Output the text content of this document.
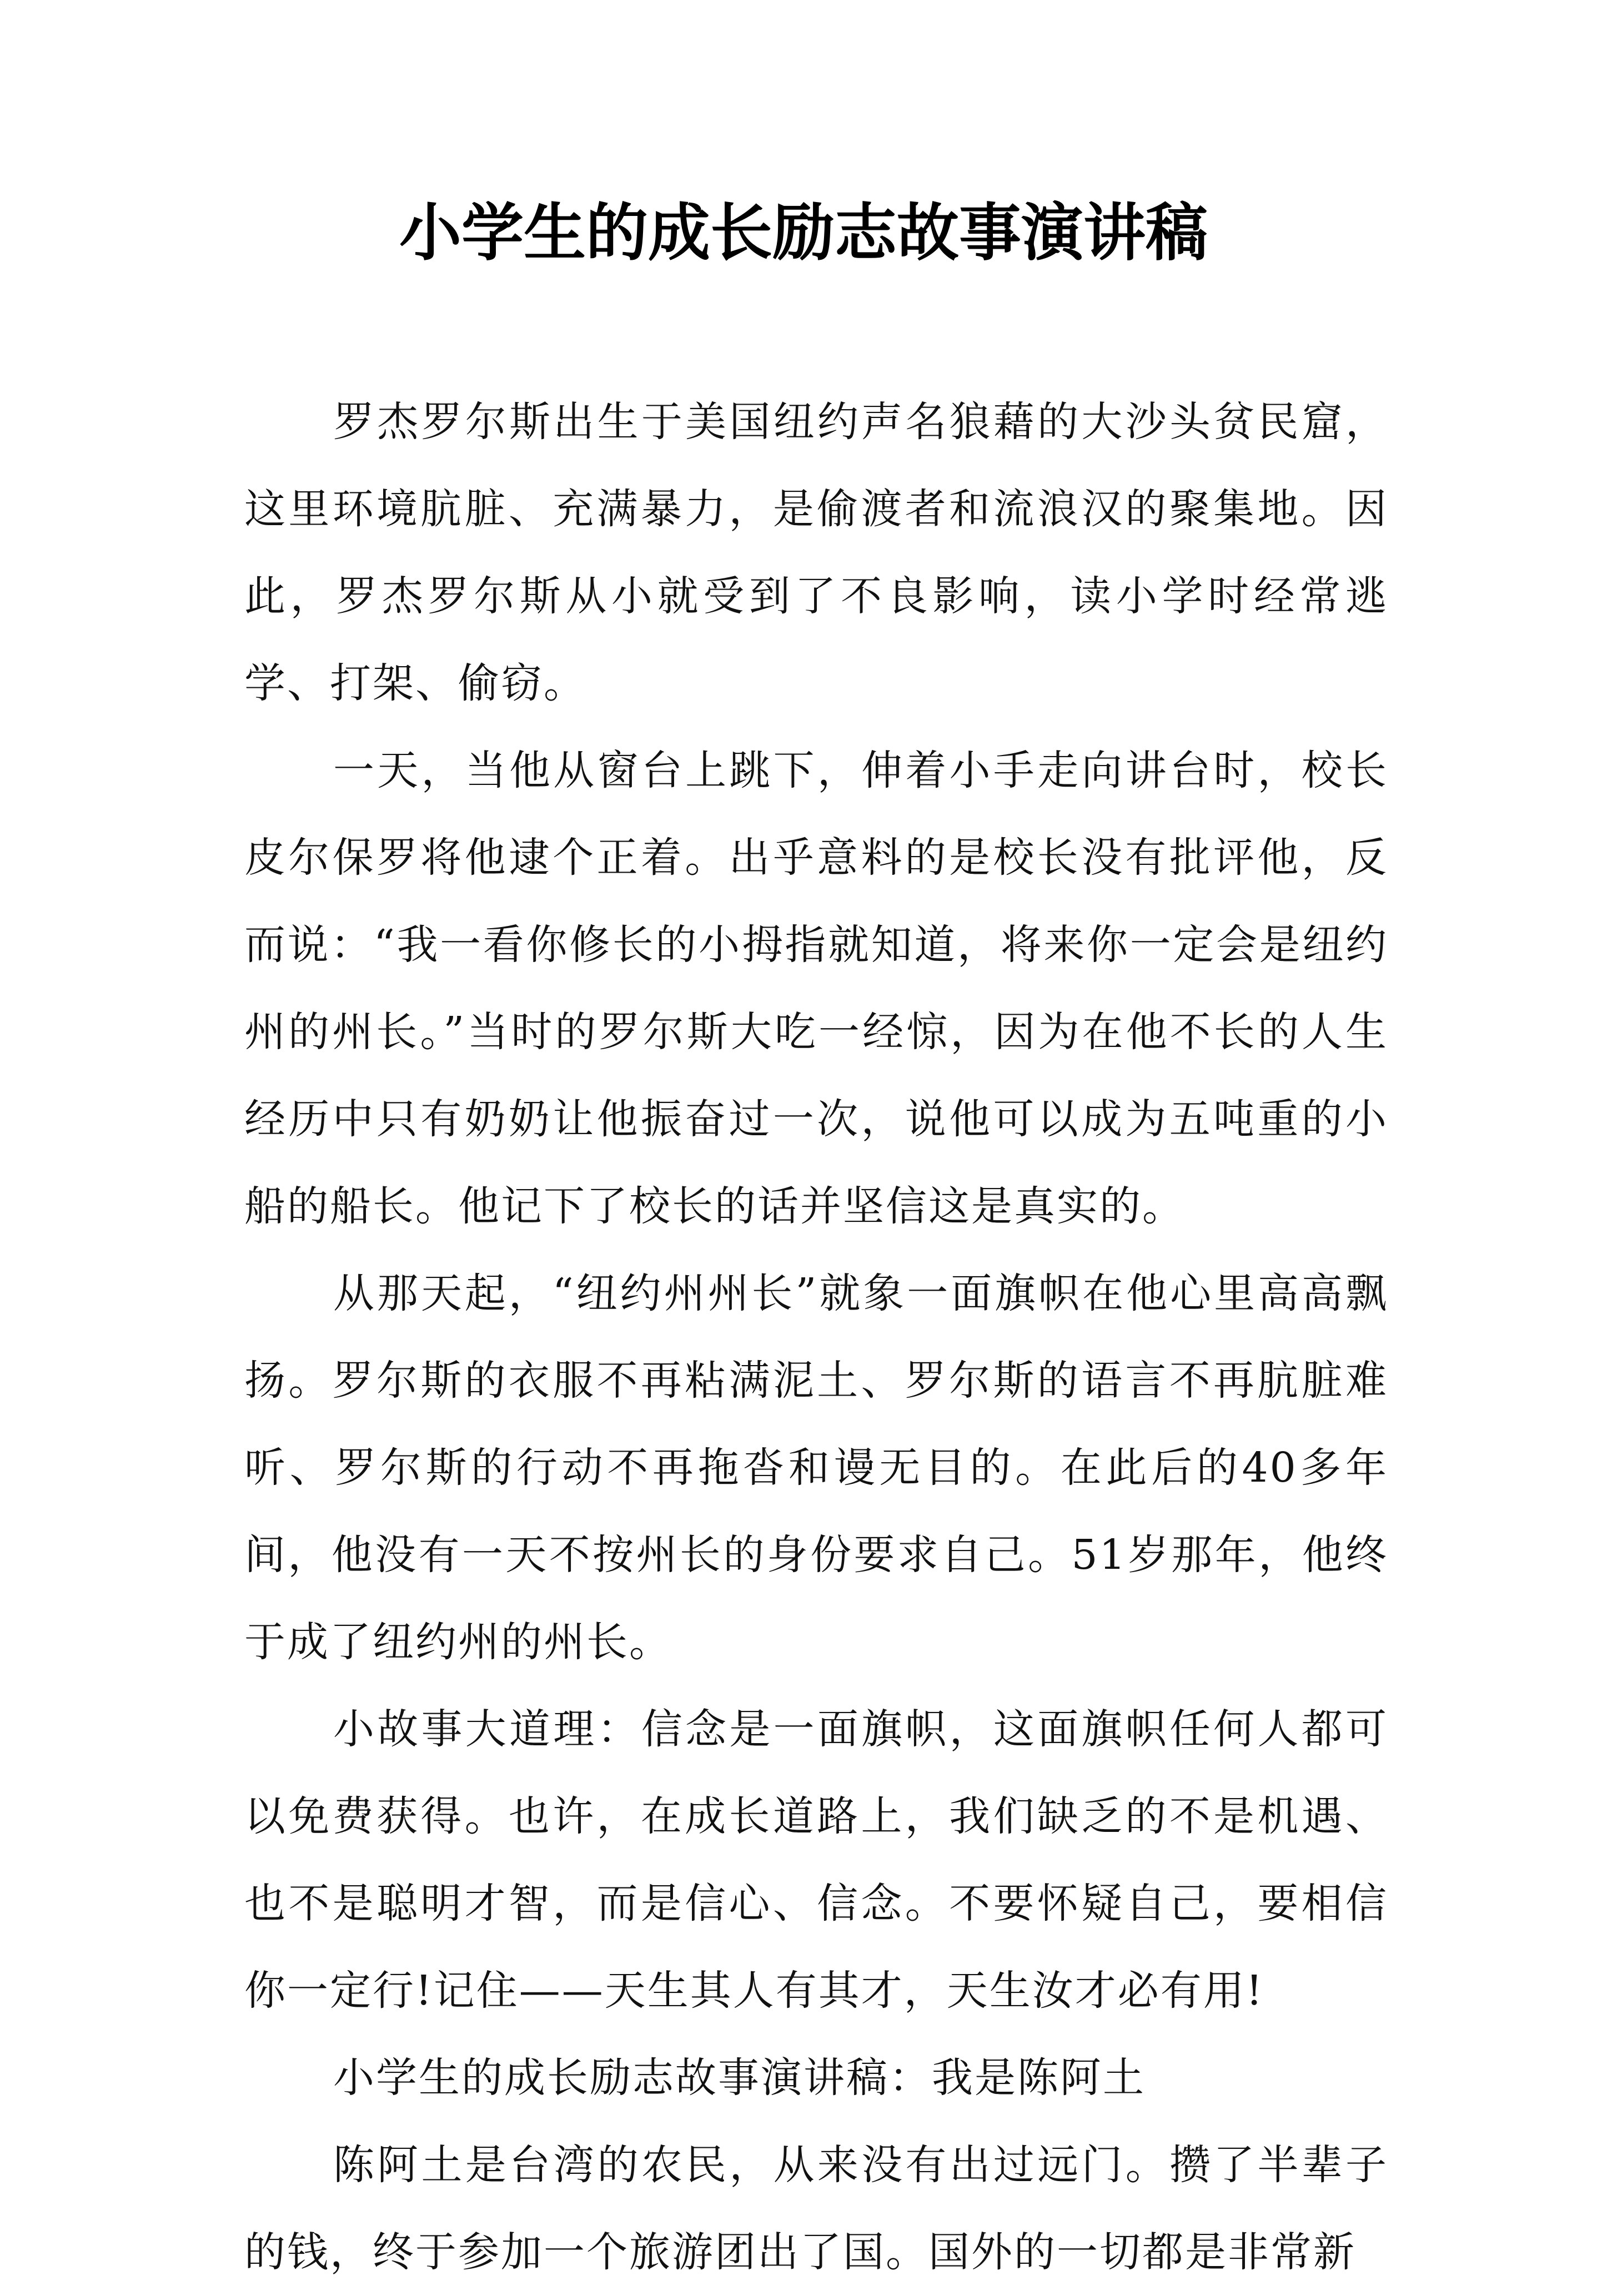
小学生的成长励志故事演讲稿

罗杰罗尔斯出生于美国纽约声名狼藉的大沙头贫民窟，这里环境肮脏、充满暴力，是偷渡者和流浪汉的聚集地。因此，罗杰罗尔斯从小就受到了不良影响，读小学时经常逃学、打架、偷窃。

一天，当他从窗台上跳下，伸着小手走向讲台时，校长皮尔保罗将他逮个正着。出乎意料的是校长没有批评他，反而说：“我一看你修长的小拇指就知道，将来你一定会是纽约州的州长。”当时的罗尔斯大吃一经惊，因为在他不长的人生经历中只有奶奶让他振奋过一次，说他可以成为五吨重的小船的船长。他记下了校长的话并坚信这是真实的。

从那天起，“纽约州州长”就象一面旗帜在他心里高高飘扬。罗尔斯的衣服不再粘满泥土、罗尔斯的语言不再肮脏难听、罗尔斯的行动不再拖沓和谩无目的。在此后的40多年间，他没有一天不按州长的身份要求自己。51岁那年，他终于成了纽约州的州长。

小故事大道理：信念是一面旗帜，这面旗帜任何人都可以免费获得。也许，在成长道路上，我们缺乏的不是机遇、也不是聪明才智，而是信心、信念。不要怀疑自己，要相信你一定行!记住——天生其人有其才，天生汝才必有用!

小学生的成长励志故事演讲稿：我是陈阿土

陈阿土是台湾的农民，从来没有出过远门。攒了半辈子的钱，终于参加一个旅游团出了国。国外的一切都是非常新
